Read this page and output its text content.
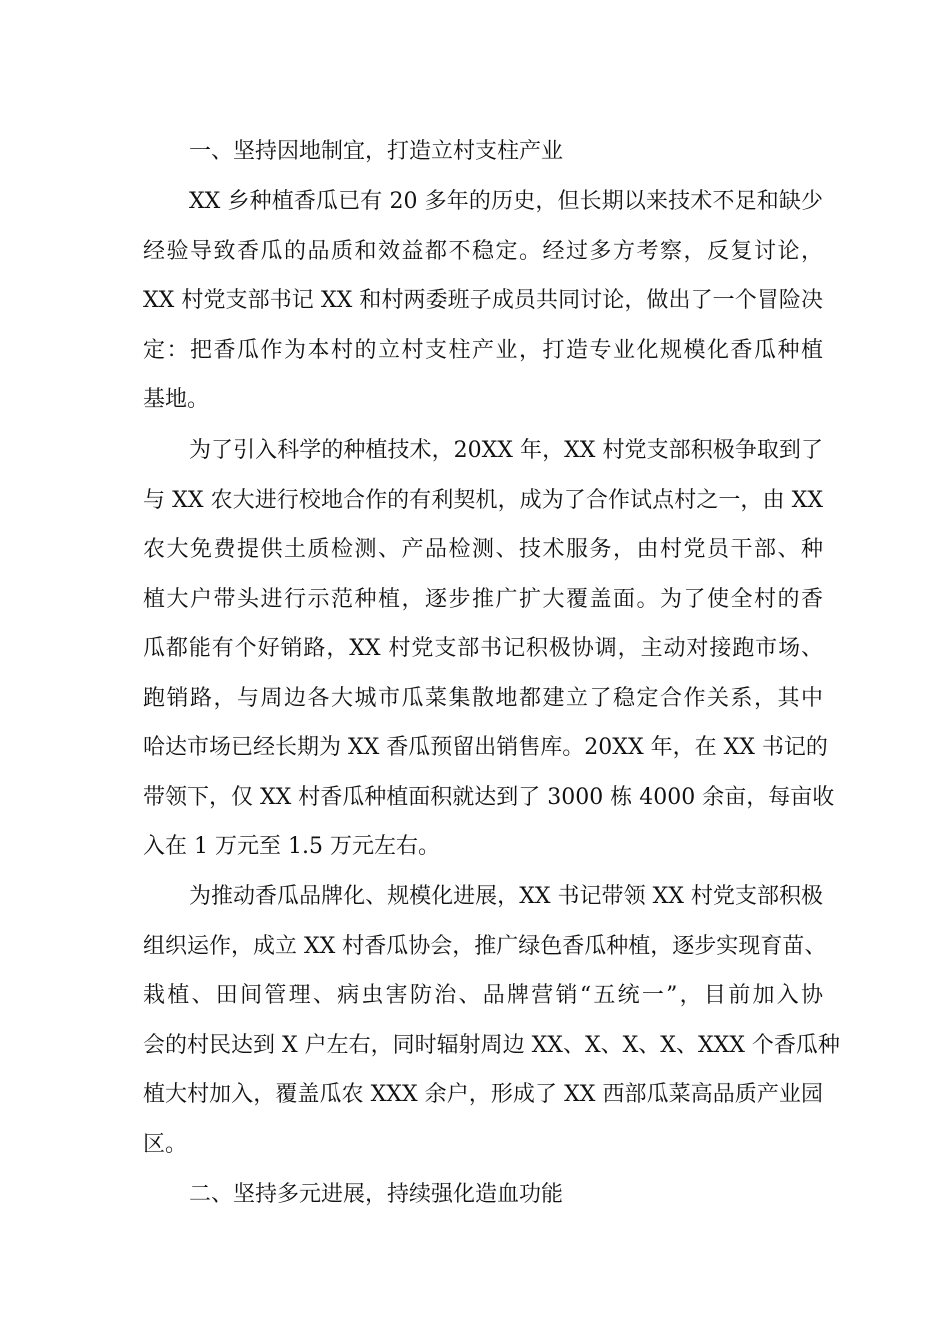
一、坚持因地制宜，打造立村支柱产业
XX 乡种植香瓜已有 20 多年的历史，但长期以来技术不足和缺少
经验导致香瓜的品质和效益都不稳定。经过多方考察，反复讨论，
XX 村党支部书记 XX 和村两委班子成员共同讨论，做出了一个冒险决
定：把香瓜作为本村的立村支柱产业，打造专业化规模化香瓜种植
基地。
为了引入科学的种植技术，20XX 年，XX 村党支部积极争取到了
与 XX 农大进行校地合作的有利契机，成为了合作试点村之一，由 XX
农大免费提供土质检测、产品检测、技术服务，由村党员干部、种
植大户带头进行示范种植，逐步推广扩大覆盖面。为了使全村的香
瓜都能有个好销路，XX 村党支部书记积极协调，主动对接跑市场、
跑销路，与周边各大城市瓜菜集散地都建立了稳定合作关系，其中
哈达市场已经长期为 XX 香瓜预留出销售库。20XX 年，在 XX 书记的
带领下，仅 XX 村香瓜种植面积就达到了 3000 栋 4000 余亩，每亩收
入在 1 万元至 1.5 万元左右。
为推动香瓜品牌化、规模化进展，XX 书记带领 XX 村党支部积极
组织运作，成立 XX 村香瓜协会，推广绿色香瓜种植，逐步实现育苗、
栽植、田间管理、病虫害防治、品牌营销“五统一”，目前加入协
会的村民达到 X 户左右，同时辐射周边 XX、X、X、X、XXX 个香瓜种
植大村加入，覆盖瓜农 XXX 余户，形成了 XX 西部瓜菜高品质产业园
区。
二、坚持多元进展，持续强化造血功能
